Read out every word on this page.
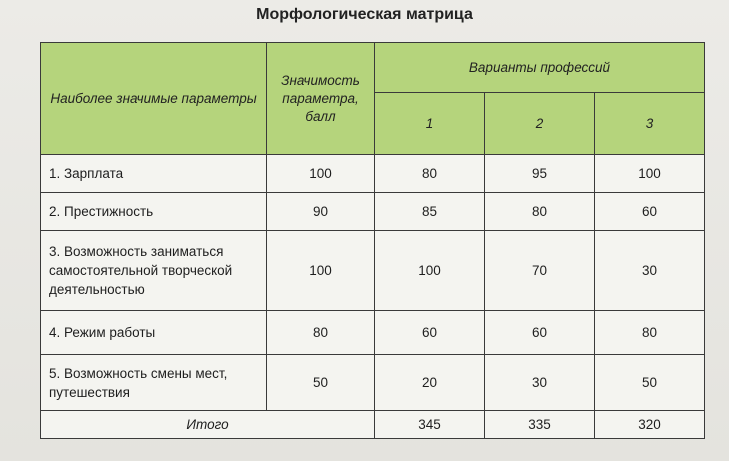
Морфологическая матрица
Наиболее значимые параметры	Значимость параметра, балл	Варианты профессий		
		1	2	3
1. Зарплата	100	80	95	100
2. Престижность	90	85	80	60
3. Возможность заниматься самостоятельной творческой деятельностью	100	100	70	30
4. Режим работы	80	60	60	80
5. Возможность смены мест, путешествия	50	20	30	50
Итого		345	335	320
